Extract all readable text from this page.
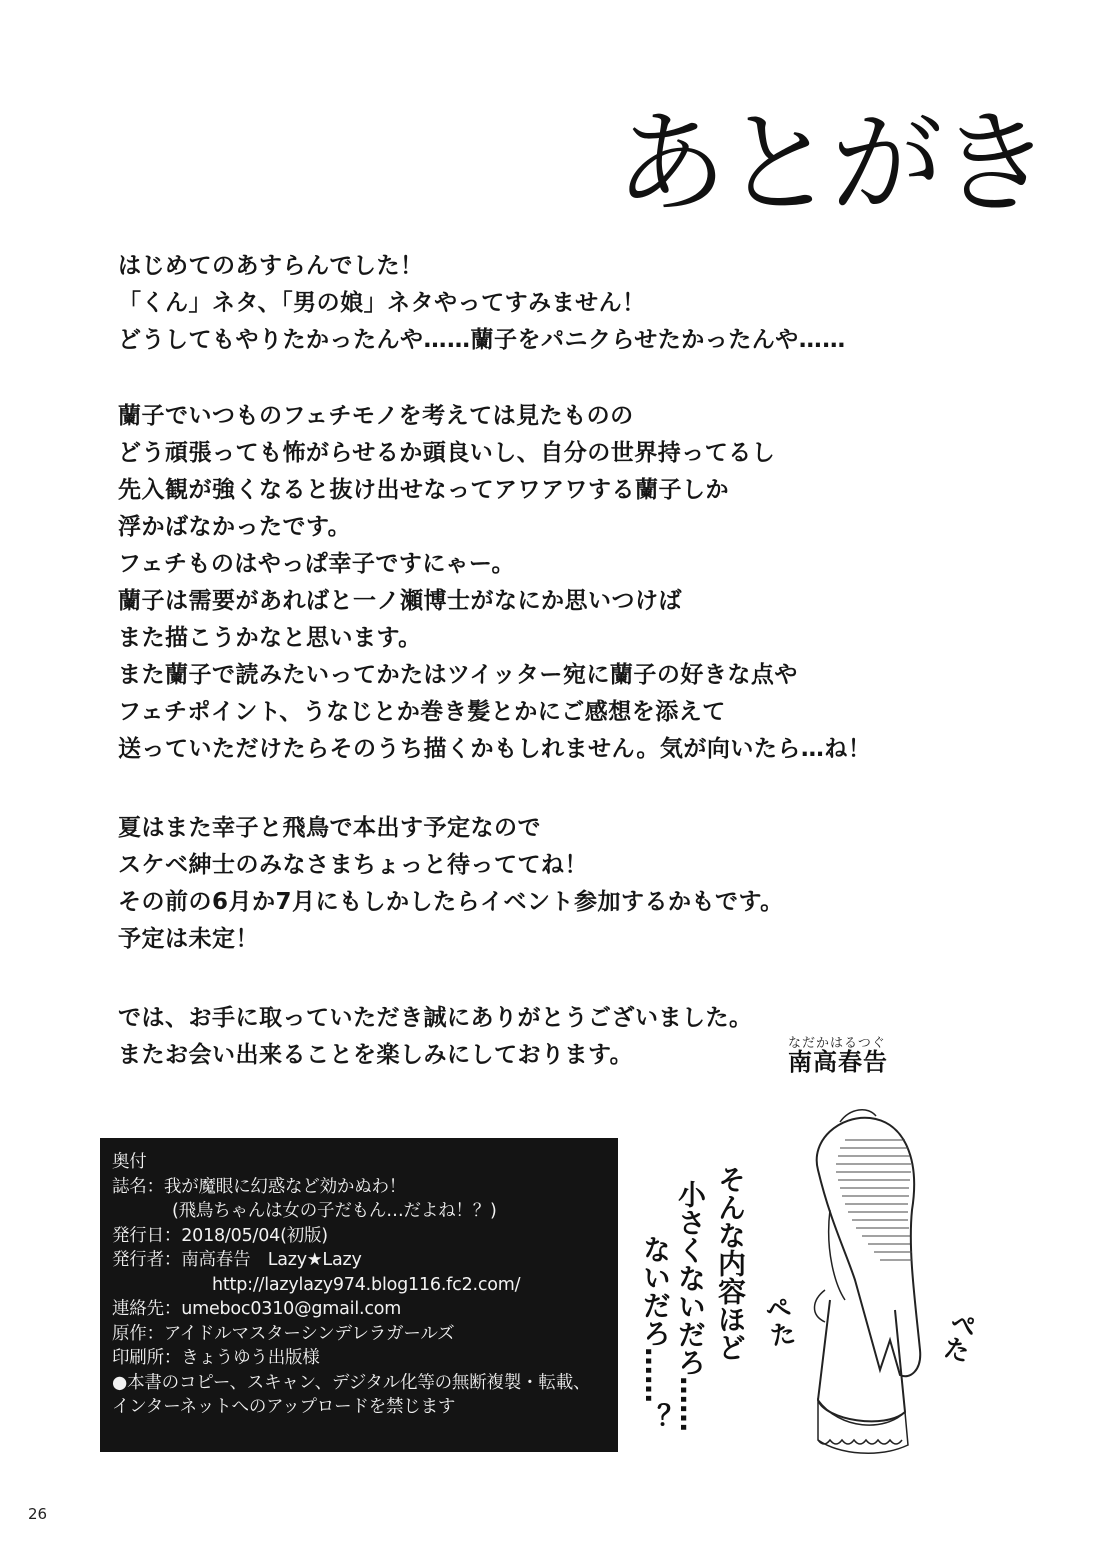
あとがき
はじめてのあすらんでした！
「くん」ネタ、「男の娘」ネタやってすみません！
どうしてもやりたかったんや……蘭子をパニクらせたかったんや……
蘭子でいつものフェチモノを考えては見たものの
どう頑張っても怖がらせるか頭良いし、自分の世界持ってるし
先入観が強くなると抜け出せなってアワアワする蘭子しか
浮かばなかったです。
フェチものはやっぱ幸子ですにゃー。
蘭子は需要があればと一ノ瀬博士がなにか思いつけば
また描こうかなと思います。
また蘭子で読みたいってかたはツイッター宛に蘭子の好きな点や
フェチポイント、うなじとか巻き髪とかにご感想を添えて
送っていただけたらそのうち描くかもしれません。気が向いたら…ね！
夏はまた幸子と飛鳥で本出す予定なので
スケベ紳士のみなさまちょっと待っててね！
その前の6月か7月にもしかしたらイベント参加するかもです。
予定は未定！
では、お手に取っていただき誠にありがとうございました。
またお会い出来ることを楽しみにしております。	なだかはるつぐ
南高春告
奥付
誌名：我が魔眼に幻惑など効かぬわ！
(飛鳥ちゃんは女の子だもん…だよね！？)
発行日：2018/05/04(初版)
発行者：南高春告　Lazy★Lazy
http://lazylazy974.blog116.fc2.com/
連絡先：umeboc0310@gmail.com
原作：アイドルマスターシンデレラガールズ
印刷所：きょうゆう出版様
●本書のコピー、スキャン、デジタル化等の無断複製・転載、
インターネットへのアップロードを禁じます
そんな内容ほど
小さくないだろ……
ないだろ……？	ぺた	ぺた
26
